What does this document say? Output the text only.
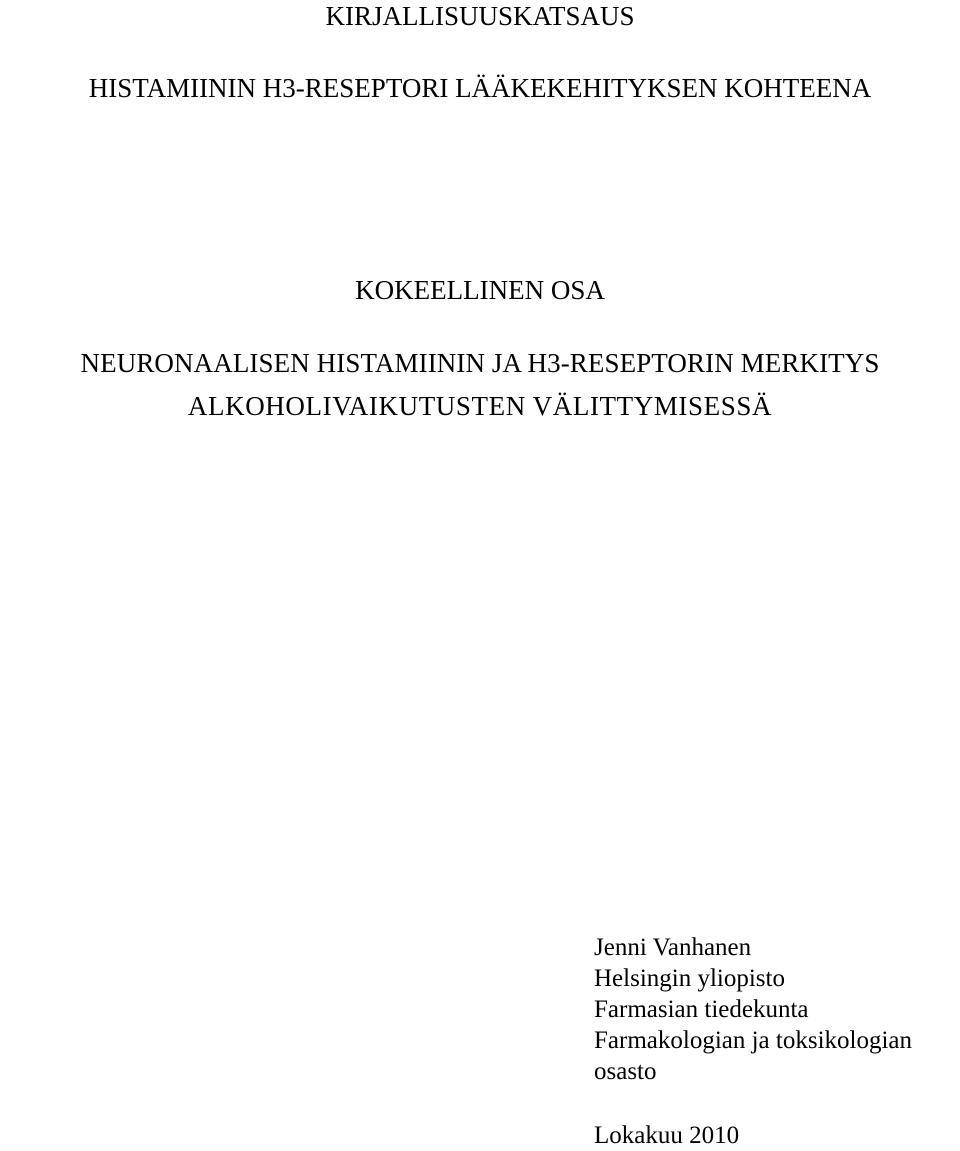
KIRJALLISUUSKATSAUS
HISTAMIININ H3-RESEPTORI LÄÄKEKEHITYKSEN KOHTEENA
KOKEELLINEN OSA
NEURONAALISEN HISTAMIININ JA H3-RESEPTORIN MERKITYS
ALKOHOLIVAIKUTUSTEN VÄLITTYMISESSÄ
Jenni Vanhanen
Helsingin yliopisto
Farmasian tiedekunta
Farmakologian ja toksikologian
osasto
Lokakuu 2010
